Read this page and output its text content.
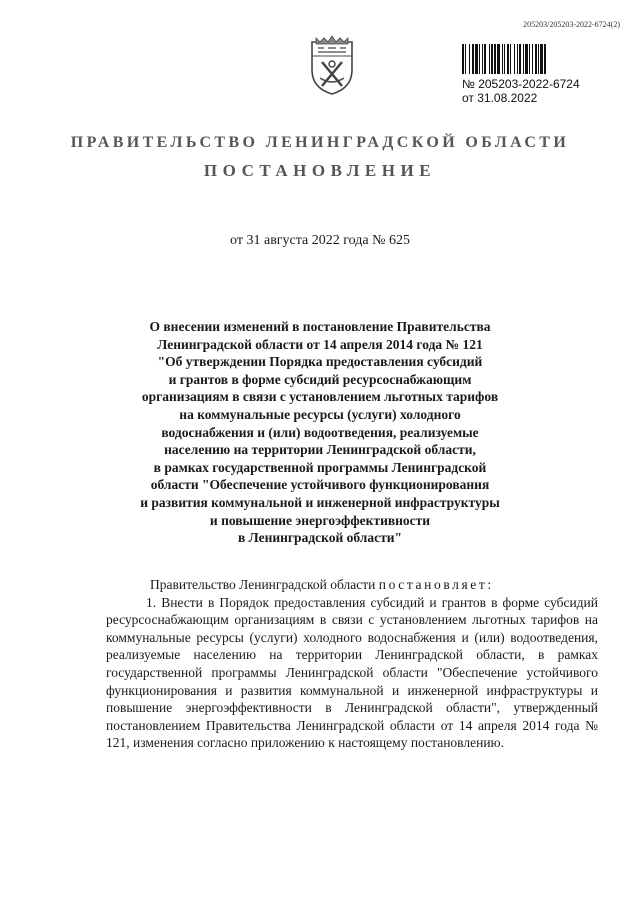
205203/205203-2022-6724(2)
№ 205203-2022-6724
от 31.08.2022
ПРАВИТЕЛЬСТВО ЛЕНИНГРАДСКОЙ ОБЛАСТИ
ПОСТАНОВЛЕНИЕ
от 31 августа 2022 года № 625
О внесении изменений в постановление Правительства
Ленинградской области от 14 апреля 2014 года № 121
"Об утверждении Порядка предоставления субсидий
и грантов в форме субсидий ресурсоснабжающим
организациям в связи с установлением льготных тарифов
на коммунальные ресурсы (услуги) холодного
водоснабжения и (или) водоотведения, реализуемые
населению на территории Ленинградской области,
в рамках государственной программы Ленинградской
области "Обеспечение устойчивого функционирования
и развития коммунальной и инженерной инфраструктуры
и повышение энергоэффективности
в Ленинградской области"
Правительство Ленинградской области постановляет:
1. Внести в Порядок предоставления субсидий и грантов в форме субсидий ресурсоснабжающим организациям в связи с установлением льготных тарифов на коммунальные ресурсы (услуги) холодного водоснабжения и (или) водоотведения, реализуемые населению на территории Ленинградской области, в рамках государственной программы Ленинградской области "Обеспечение устойчивого функционирования и развития коммунальной и инженерной инфраструктуры и повышение энергоэффективности в Ленинградской области", утвержденный постановлением Правительства Ленинградской области от 14 апреля 2014 года № 121, изменения согласно приложению к настоящему постановлению.
